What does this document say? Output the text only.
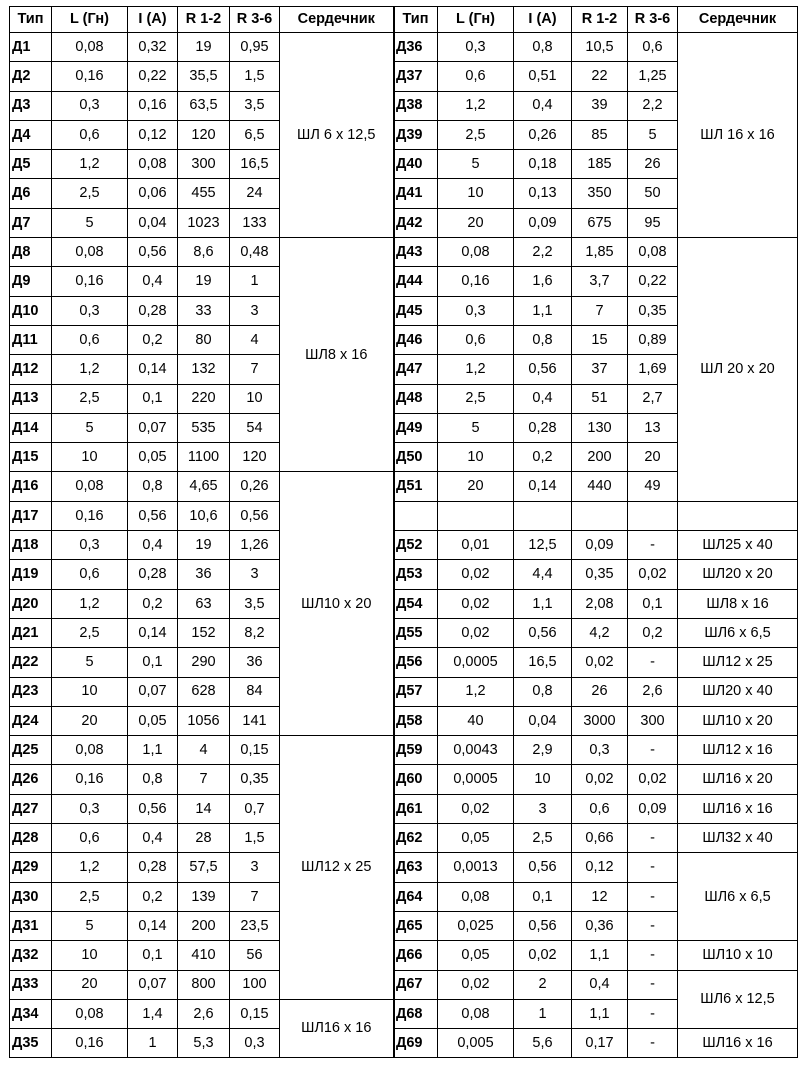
Тип	L (Гн)	I (A)	R 1-2	R 3-6	Сердечник
Д1	0,08	0,32	19	0,95	ШЛ 6 х 12,5
Д2	0,16	0,22	35,5	1,5	
Д3	0,3	0,16	63,5	3,5	
Д4	0,6	0,12	120	6,5	
Д5	1,2	0,08	300	16,5	
Д6	2,5	0,06	455	24	
Д7	5	0,04	1023	133	
Д8	0,08	0,56	8,6	0,48	ШЛ8 х 16
Д9	0,16	0,4	19	1	
Д10	0,3	0,28	33	3	
Д11	0,6	0,2	80	4	
Д12	1,2	0,14	132	7	
Д13	2,5	0,1	220	10	
Д14	5	0,07	535	54	
Д15	10	0,05	1100	120	
Д16	0,08	0,8	4,65	0,26	ШЛ10 х 20
Д17	0,16	0,56	10,6	0,56	
Д18	0,3	0,4	19	1,26	
Д19	0,6	0,28	36	3	
Д20	1,2	0,2	63	3,5	
Д21	2,5	0,14	152	8,2	
Д22	5	0,1	290	36	
Д23	10	0,07	628	84	
Д24	20	0,05	1056	141	
Д25	0,08	1,1	4	0,15	ШЛ12 х 25
Д26	0,16	0,8	7	0,35	
Д27	0,3	0,56	14	0,7	
Д28	0,6	0,4	28	1,5	
Д29	1,2	0,28	57,5	3	
Д30	2,5	0,2	139	7	
Д31	5	0,14	200	23,5	
Д32	10	0,1	410	56	
Д33	20	0,07	800	100	
Д34	0,08	1,4	2,6	0,15	ШЛ16 х 16
Д35	0,16	1	5,3	0,3	
Тип	L (Гн)	I (A)	R 1-2	R 3-6	Сердечник
Д36	0,3	0,8	10,5	0,6	ШЛ 16 х 16
Д37	0,6	0,51	22	1,25	
Д38	1,2	0,4	39	2,2	
Д39	2,5	0,26	85	5	
Д40	5	0,18	185	26	
Д41	10	0,13	350	50	
Д42	20	0,09	675	95	
Д43	0,08	2,2	1,85	0,08	ШЛ 20 х 20
Д44	0,16	1,6	3,7	0,22	
Д45	0,3	1,1	7	0,35	
Д46	0,6	0,8	15	0,89	
Д47	1,2	0,56	37	1,69	
Д48	2,5	0,4	51	2,7	
Д49	5	0,28	130	13	
Д50	10	0,2	200	20	
Д51	20	0,14	440	49	

Д52	0,01	12,5	0,09	-	ШЛ25 х 40
Д53	0,02	4,4	0,35	0,02	ШЛ20 х 20
Д54	0,02	1,1	2,08	0,1	ШЛ8 х 16
Д55	0,02	0,56	4,2	0,2	ШЛ6 х 6,5
Д56	0,0005	16,5	0,02	-	ШЛ12 х 25
Д57	1,2	0,8	26	2,6	ШЛ20 х 40
Д58	40	0,04	3000	300	ШЛ10 х 20
Д59	0,0043	2,9	0,3	-	ШЛ12 х 16
Д60	0,0005	10	0,02	0,02	ШЛ16 х 20
Д61	0,02	3	0,6	0,09	ШЛ16 х 16
Д62	0,05	2,5	0,66	-	ШЛ32 х 40
Д63	0,0013	0,56	0,12	-	ШЛ6 х 6,5
Д64	0,08	0,1	12	-	
Д65	0,025	0,56	0,36	-	
Д66	0,05	0,02	1,1	-	ШЛ10 х 10
Д67	0,02	2	0,4	-	ШЛ6 х 12,5
Д68	0,08	1	1,1	-	
Д69	0,005	5,6	0,17	-	ШЛ16 х 16
